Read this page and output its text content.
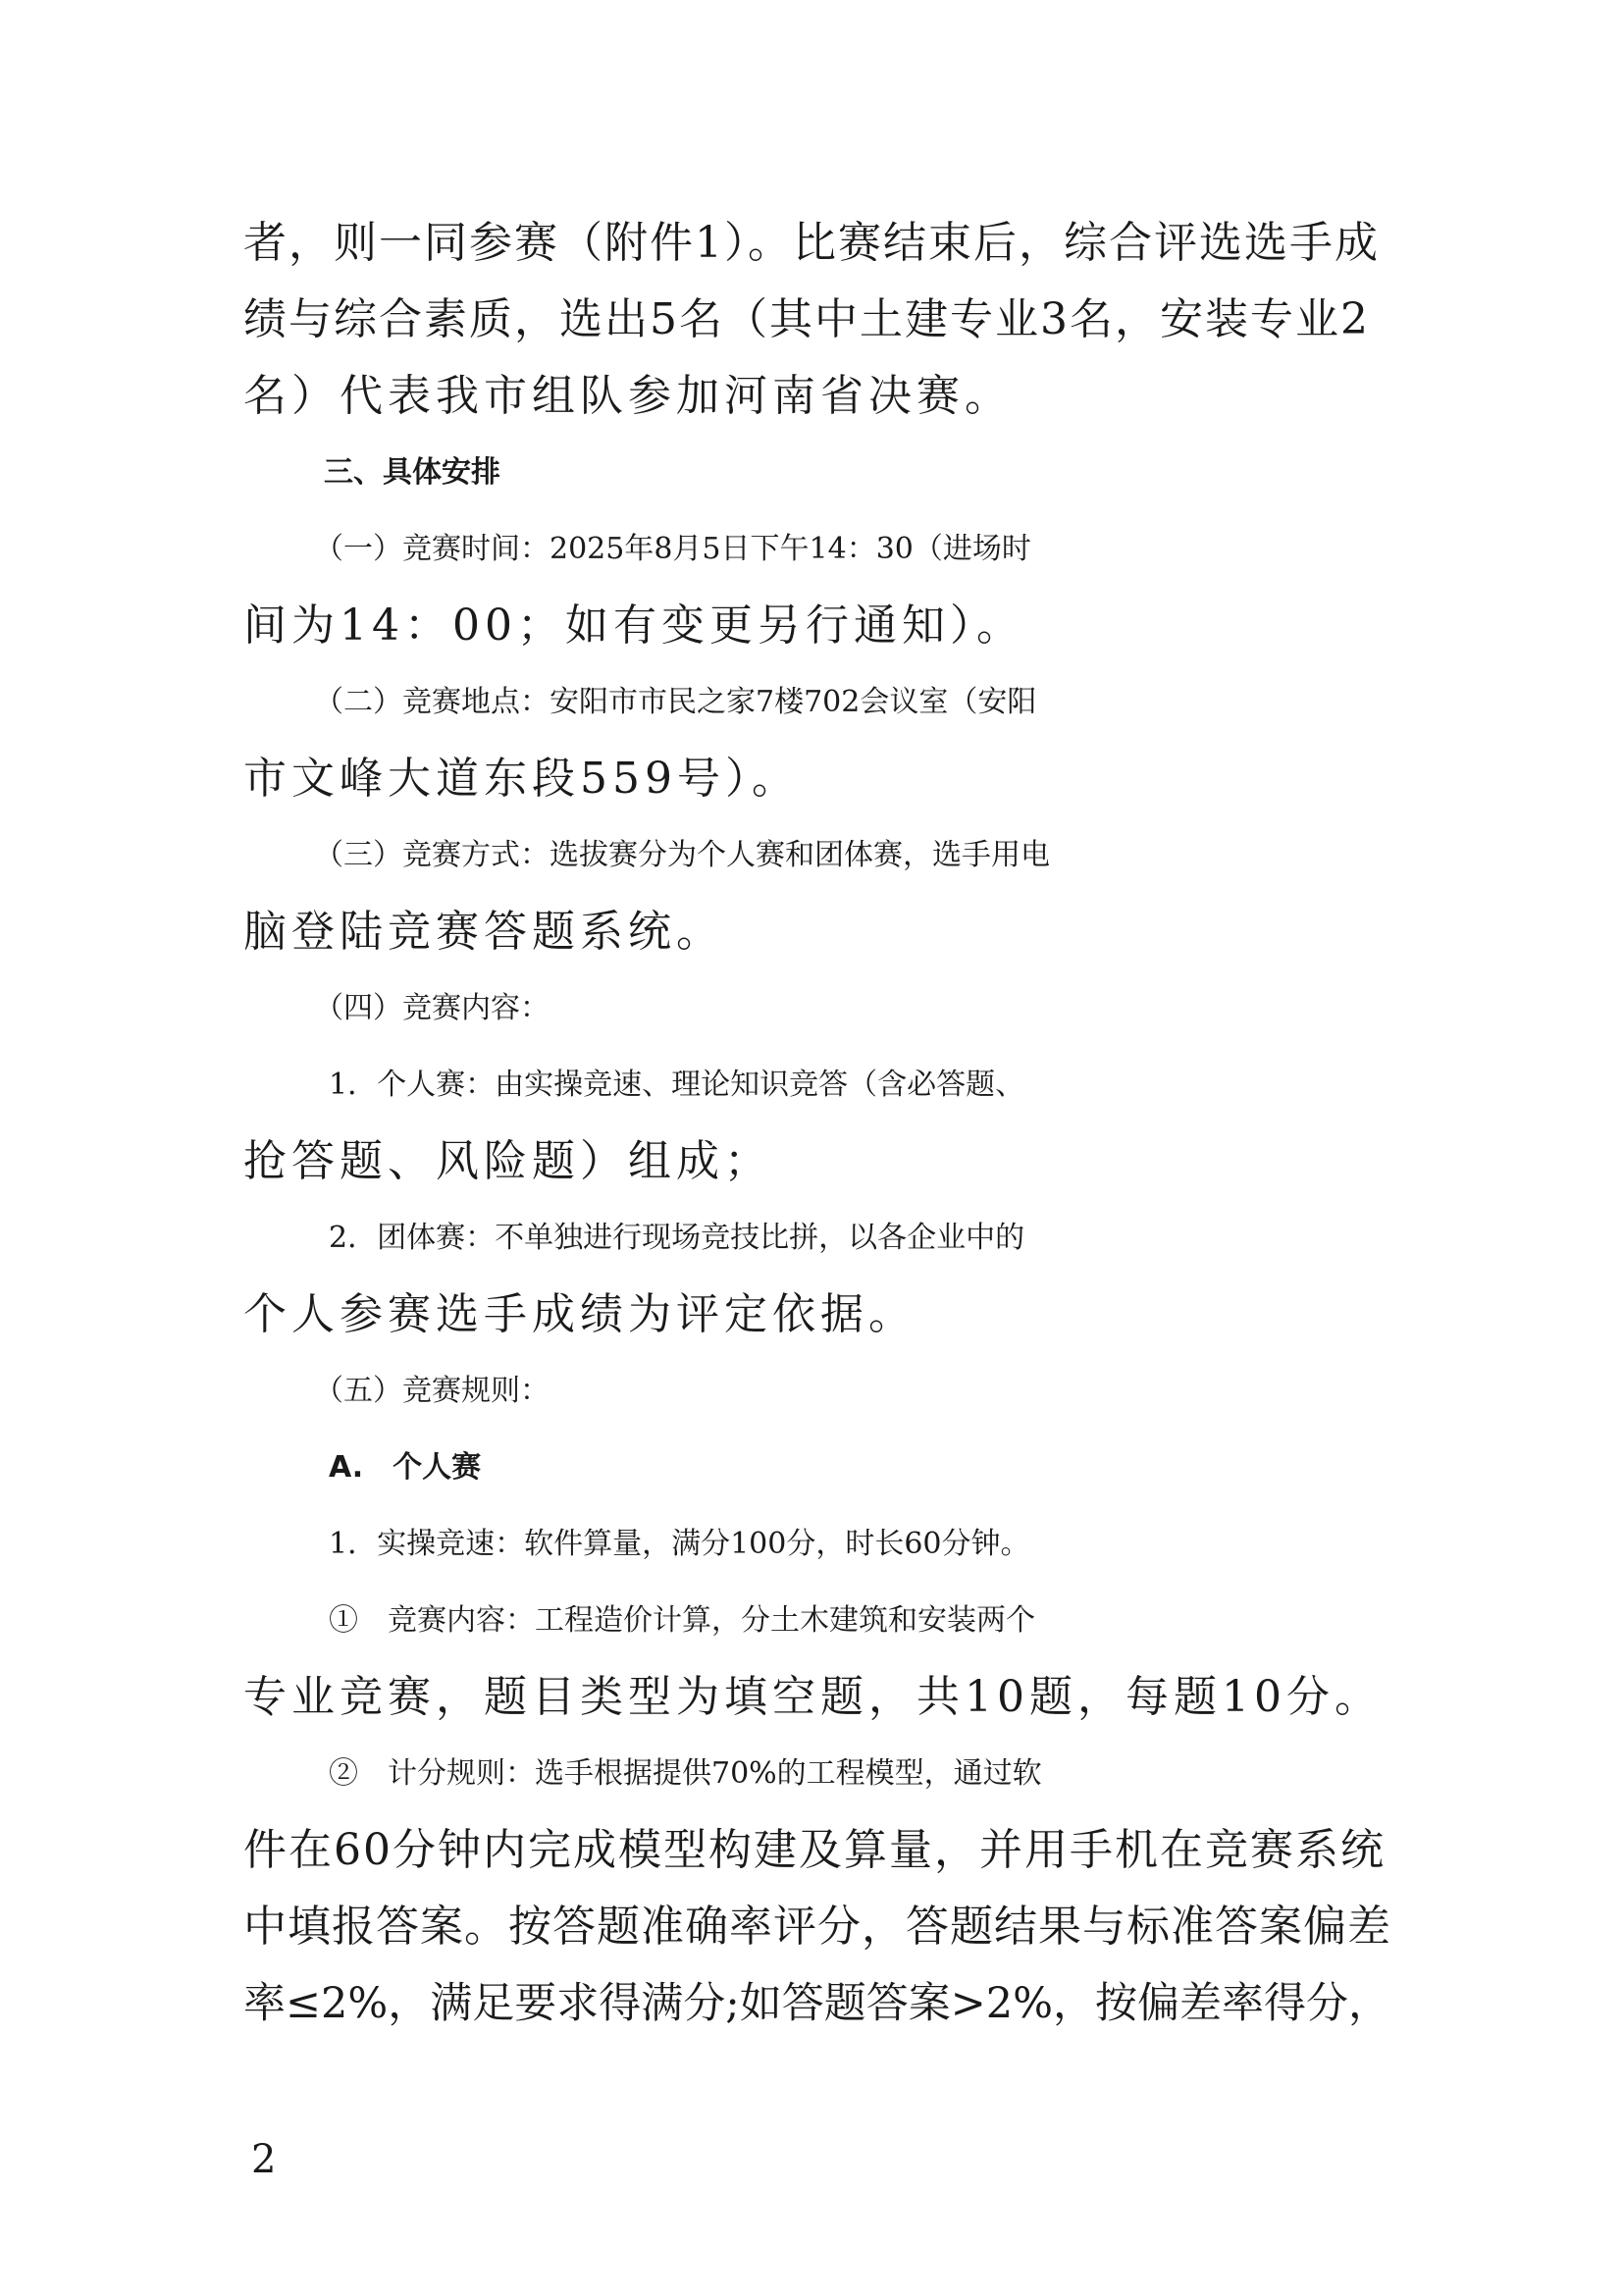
者，则一同参赛（附件1）。比赛结束后，综合评选选手成
绩与综合素质，选出5名（其中土建专业3名，安装专业2
名）代表我市组队参加河南省决赛。
三、具体安排
（一）竞赛时间：2025年8月5日下午14：30（进场时
间为14：00；如有变更另行通知）。
（二）竞赛地点：安阳市市民之家7楼702会议室（安阳
市文峰大道东段559号）。
（三）竞赛方式：选拔赛分为个人赛和团体赛，选手用电
脑登陆竞赛答题系统。
（四）竞赛内容：
1．个人赛：由实操竞速、理论知识竞答（含必答题、
抢答题、风险题）组成；
2．团体赛：不单独进行现场竞技比拼，以各企业中的
个人参赛选手成绩为评定依据。
（五）竞赛规则：
A.　个人赛
1．实操竞速：软件算量，满分100分，时长60分钟。
①　竞赛内容：工程造价计算，分土木建筑和安装两个
专业竞赛，题目类型为填空题，共10题，每题10分。
②　计分规则：选手根据提供70%的工程模型，通过软
件在60分钟内完成模型构建及算量，并用手机在竞赛系统
中填报答案。按答题准确率评分，答题结果与标准答案偏差
率≤2%，满足要求得满分;如答题答案>2%，按偏差率得分，
2
